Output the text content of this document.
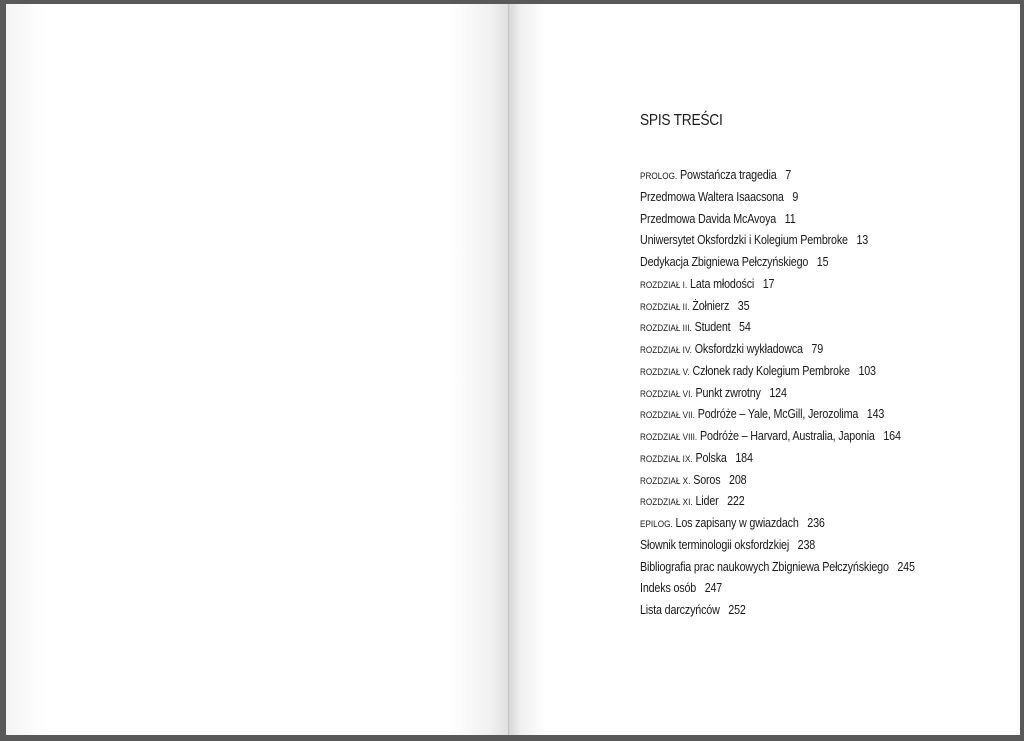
SPIS TREŚCI
PROLOG. Powstańcza tragedia 7
Przedmowa Waltera Isaacsona 9
Przedmowa Davida McAvoya 11
Uniwersytet Oksfordzki i Kolegium Pembroke 13
Dedykacja Zbigniewa Pełczyńskiego 15
ROZDZIAŁ I. Lata młodości 17
ROZDZIAŁ II. Żołnierz 35
ROZDZIAŁ III. Student 54
ROZDZIAŁ IV. Oksfordzki wykładowca 79
ROZDZIAŁ V. Członek rady Kolegium Pembroke 103
ROZDZIAŁ VI. Punkt zwrotny 124
ROZDZIAŁ VII. Podróże – Yale, McGill, Jerozolima 143
ROZDZIAŁ VIII. Podróże – Harvard, Australia, Japonia 164
ROZDZIAŁ IX. Polska 184
ROZDZIAŁ X. Soros 208
ROZDZIAŁ XI. Lider 222
EPILOG. Los zapisany w gwiazdach 236
Słownik terminologii oksfordzkiej 238
Bibliografia prac naukowych Zbigniewa Pełczyńskiego 245
Indeks osób 247
Lista darczyńców 252
